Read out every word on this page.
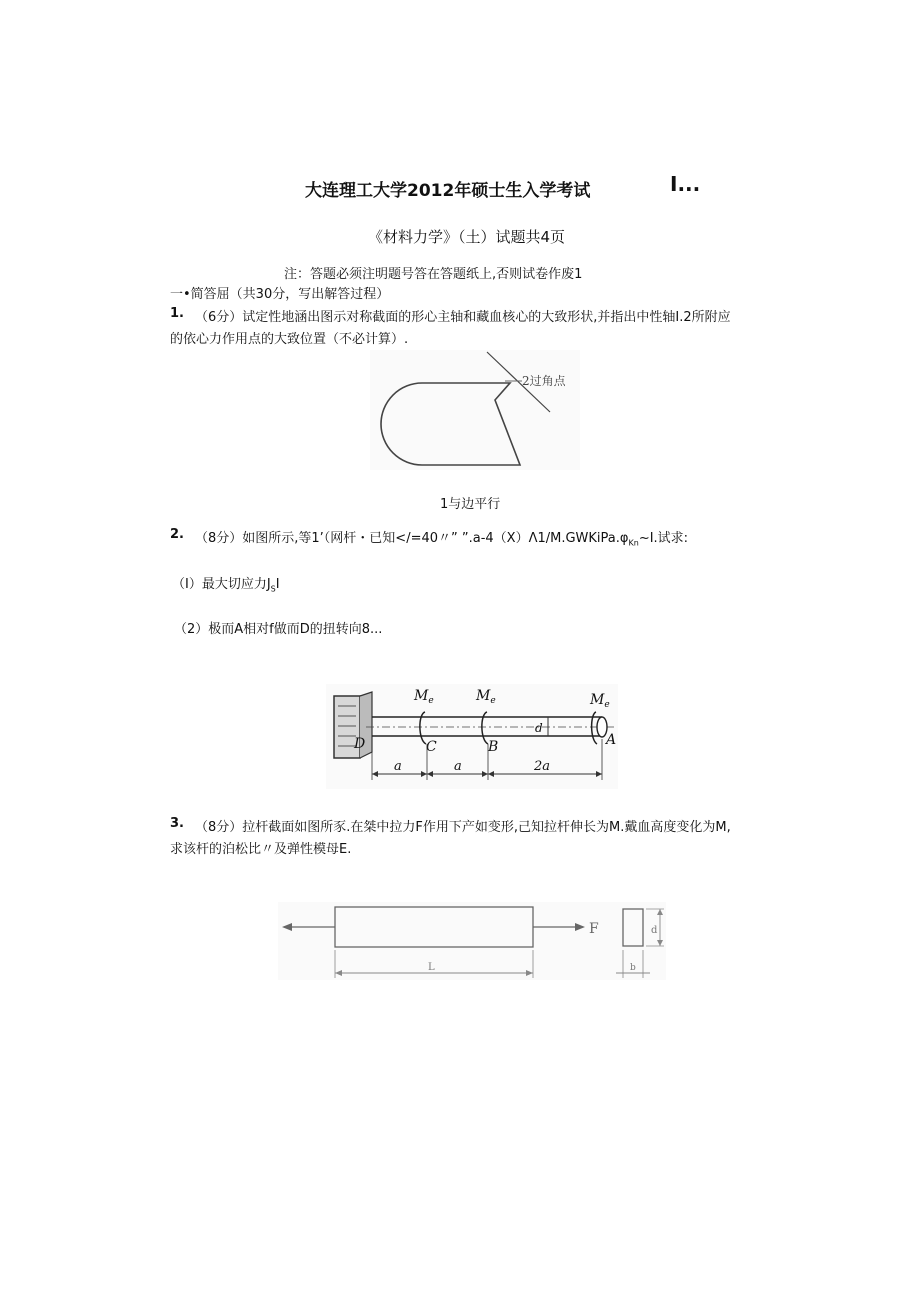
大连理工大学2012年硕士生入学考试	I...
《材料力学》（土）试题共4页
注：答题必须注明题号答在答题纸上,否则试卷作废1
一•简答屈（共30分，写出解答过程）
1. （6分）试定性地涵出图示对称截面的形心主轴和藏血核心的大致形状,并指出中性轴I.2所附应
的依心力作用点的大致位置（不必计算）.
2过角点
1与边平行
2. （8分）如图所示,等1’（网杆・已知</=40〃” $”.a-4(X)\Lambda 1/M.GWKiPa.\varphi_{Kn}\sim I$.试求:
（I）最大切应力$J_SI$
（2）极而A相对f做而D的扭转向8...
$M_e$	$M_e$	$M_e$
D	C	B	A
d
a	a	2a
3. （8分）拉杆截面如图所豕.在桀中拉力F作用下产如变形,己知拉杆伸长为M.戴血高度变化为M,
求该杆的泊松比〃及弹性模母E.
F
L
d
b
